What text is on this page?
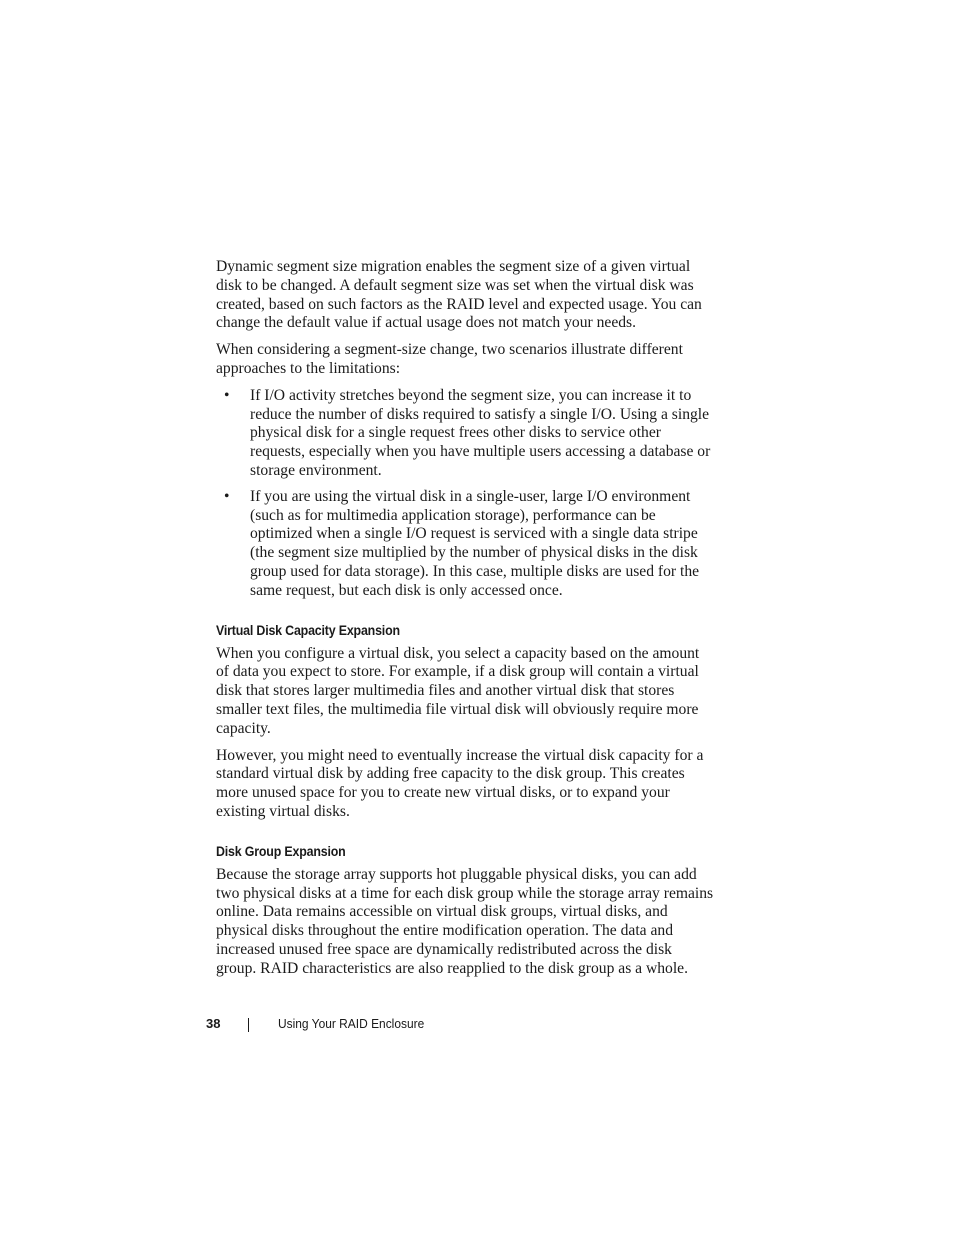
Dynamic segment size migration enables the segment size of a given virtual disk to be changed. A default segment size was set when the virtual disk was created, based on such factors as the RAID level and expected usage. You can change the default value if actual usage does not match your needs.

When considering a segment-size change, two scenarios illustrate different approaches to the limitations:

• If I/O activity stretches beyond the segment size, you can increase it to reduce the number of disks required to satisfy a single I/O. Using a single physical disk for a single request frees other disks to service other requests, especially when you have multiple users accessing a database or storage environment.

• If you are using the virtual disk in a single-user, large I/O environment (such as for multimedia application storage), performance can be optimized when a single I/O request is serviced with a single data stripe (the segment size multiplied by the number of physical disks in the disk group used for data storage). In this case, multiple disks are used for the same request, but each disk is only accessed once.

Virtual Disk Capacity Expansion

When you configure a virtual disk, you select a capacity based on the amount of data you expect to store. For example, if a disk group will contain a virtual disk that stores larger multimedia files and another virtual disk that stores smaller text files, the multimedia file virtual disk will obviously require more capacity.

However, you might need to eventually increase the virtual disk capacity for a standard virtual disk by adding free capacity to the disk group. This creates more unused space for you to create new virtual disks, or to expand your existing virtual disks.

Disk Group Expansion

Because the storage array supports hot pluggable physical disks, you can add two physical disks at a time for each disk group while the storage array remains online. Data remains accessible on virtual disk groups, virtual disks, and physical disks throughout the entire modification operation. The data and increased unused free space are dynamically redistributed across the disk group. RAID characteristics are also reapplied to the disk group as a whole.

38	Using Your RAID Enclosure
